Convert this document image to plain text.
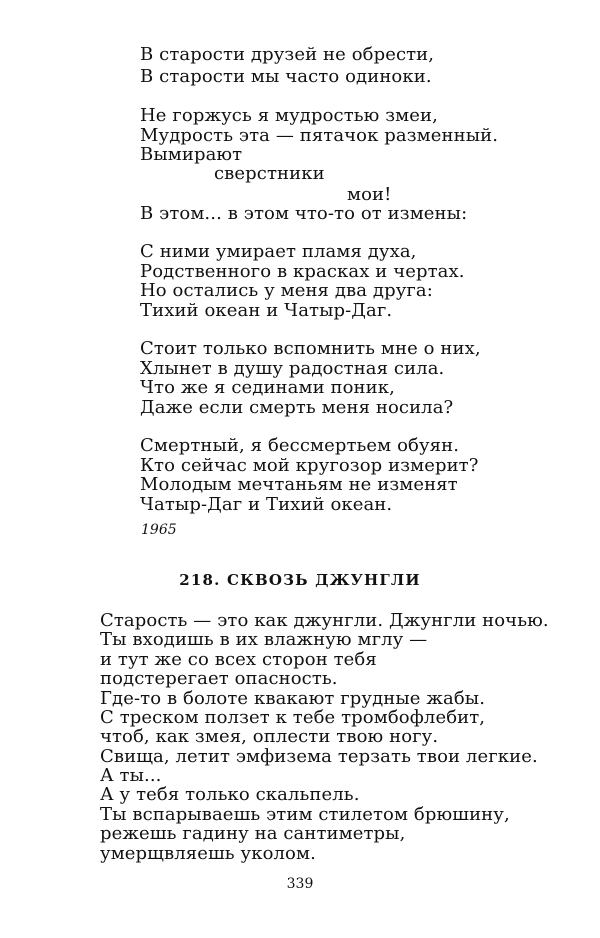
В старости друзей не обрести,
В старости мы часто одиноки.
Не горжусь я мудростью змеи,
Мудрость эта — пятачок разменный.
Вымирают
сверстники
мои!
В этом... в этом что-то от измены:
С ними умирает пламя духа,
Родственного в красках и чертах.
Но остались у меня два друга:
Тихий океан и Чатыр-Даг.
Стоит только вспомнить мне о них,
Хлынет в душу радостная сила.
Что же я сединами поник,
Даже если смерть меня носила?
Смертный, я бессмертьем обуян.
Кто сейчас мой кругозор измерит?
Молодым мечтаньям не изменят
Чатыр-Даг и Тихий океан.
1965
218. СКВОЗЬ ДЖУНГЛИ
Старость — это как джунгли. Джунгли ночью.
Ты входишь в их влажную мглу —
и тут же со всех сторон тебя
подстерегает опасность.
Где-то в болоте квакают грудные жабы.
С треском ползет к тебе тромбофлебит,
чтоб, как змея, оплести твою ногу.
Свища, летит эмфизема терзать твои легкие.
А ты...
А у тебя только скальпель.
Ты вспарываешь этим стилетом брюшину,
режешь гадину на сантиметры,
умерщвляешь уколом.
339
